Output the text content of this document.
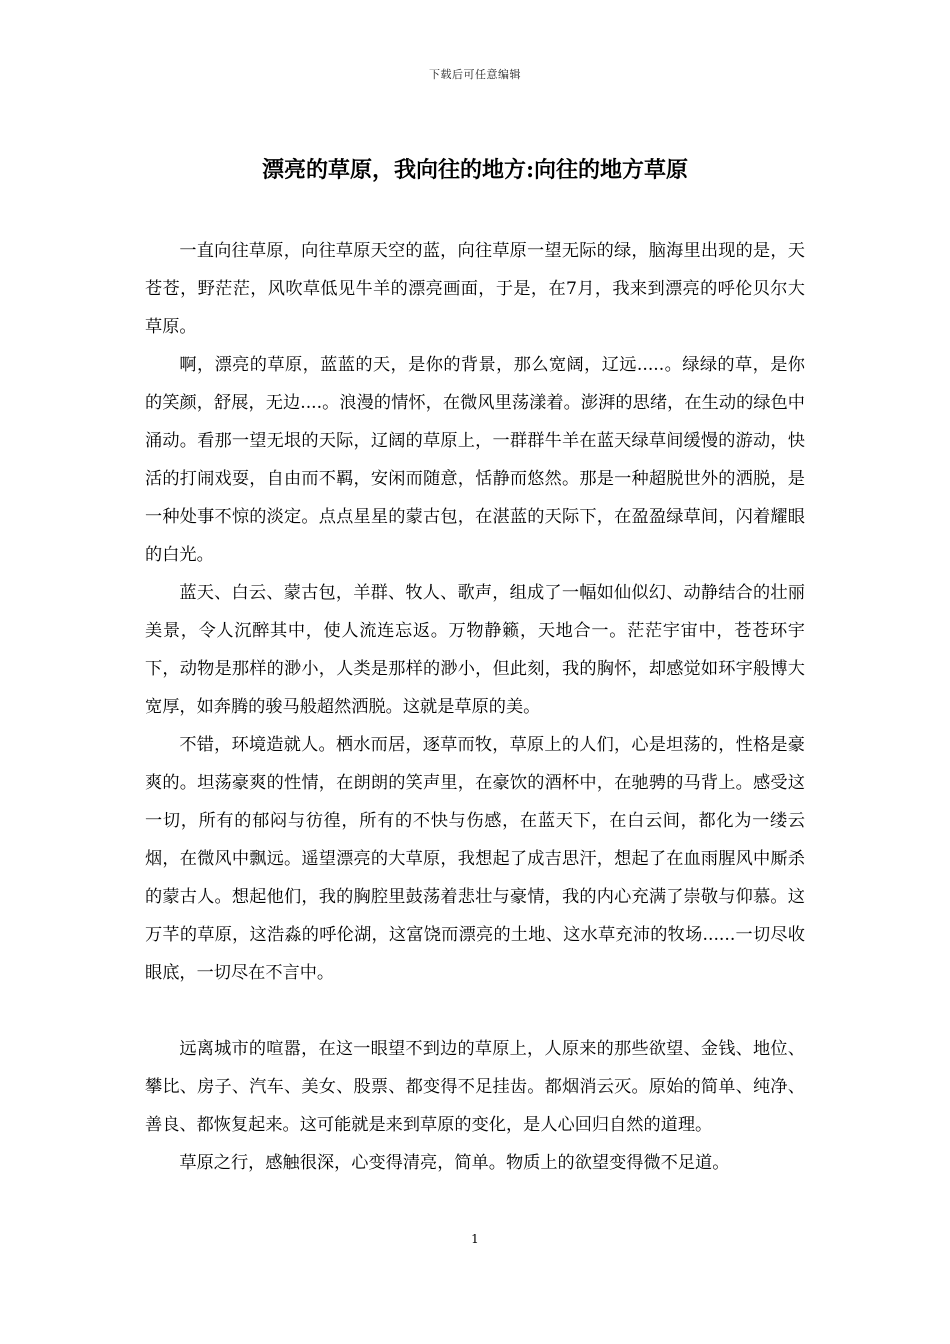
下载后可任意编辑
漂亮的草原，我向往的地方:向往的地方草原

一直向往草原，向往草原天空的蓝，向往草原一望无际的绿，脑海里出现的是，天苍苍，野茫茫，风吹草低见牛羊的漂亮画面，于是，在7月，我来到漂亮的呼伦贝尔大草原。

啊，漂亮的草原，蓝蓝的天，是你的背景，那么宽阔，辽远.....。绿绿的草，是你的笑颜，舒展，无边....。浪漫的情怀，在微风里荡漾着。澎湃的思绪，在生动的绿色中涌动。看那一望无垠的天际，辽阔的草原上，一群群牛羊在蓝天绿草间缓慢的游动，快活的打闹戏耍，自由而不羁，安闲而随意，恬静而悠然。那是一种超脱世外的洒脱，是一种处事不惊的淡定。点点星星的蒙古包，在湛蓝的天际下，在盈盈绿草间，闪着耀眼的白光。

蓝天、白云、蒙古包，羊群、牧人、歌声，组成了一幅如仙似幻、动静结合的壮丽美景，令人沉醉其中，使人流连忘返。万物静籁，天地合一。茫茫宇宙中，苍苍环宇下，动物是那样的渺小，人类是那样的渺小，但此刻，我的胸怀，却感觉如环宇般博大宽厚，如奔腾的骏马般超然洒脱。这就是草原的美。

不错，环境造就人。栖水而居，逐草而牧，草原上的人们，心是坦荡的，性格是豪爽的。坦荡豪爽的性情，在朗朗的笑声里，在豪饮的酒杯中，在驰骋的马背上。感受这一切，所有的郁闷与彷徨，所有的不快与伤感，在蓝天下，在白云间，都化为一缕云烟，在微风中飘远。遥望漂亮的大草原，我想起了成吉思汗，想起了在血雨腥风中厮杀的蒙古人。想起他们，我的胸腔里鼓荡着悲壮与豪情，我的内心充满了崇敬与仰慕。这万芊的草原，这浩淼的呼伦湖，这富饶而漂亮的土地、这水草充沛的牧场......一切尽收眼底，一切尽在不言中。

远离城市的喧嚣，在这一眼望不到边的草原上，人原来的那些欲望、金钱、地位、攀比、房子、汽车、美女、股票、都变得不足挂齿。都烟消云灭。原始的简单、纯净、善良、都恢复起来。这可能就是来到草原的变化，是人心回归自然的道理。

草原之行，感触很深，心变得清亮，简单。物质上的欲望变得微不足道。

1
